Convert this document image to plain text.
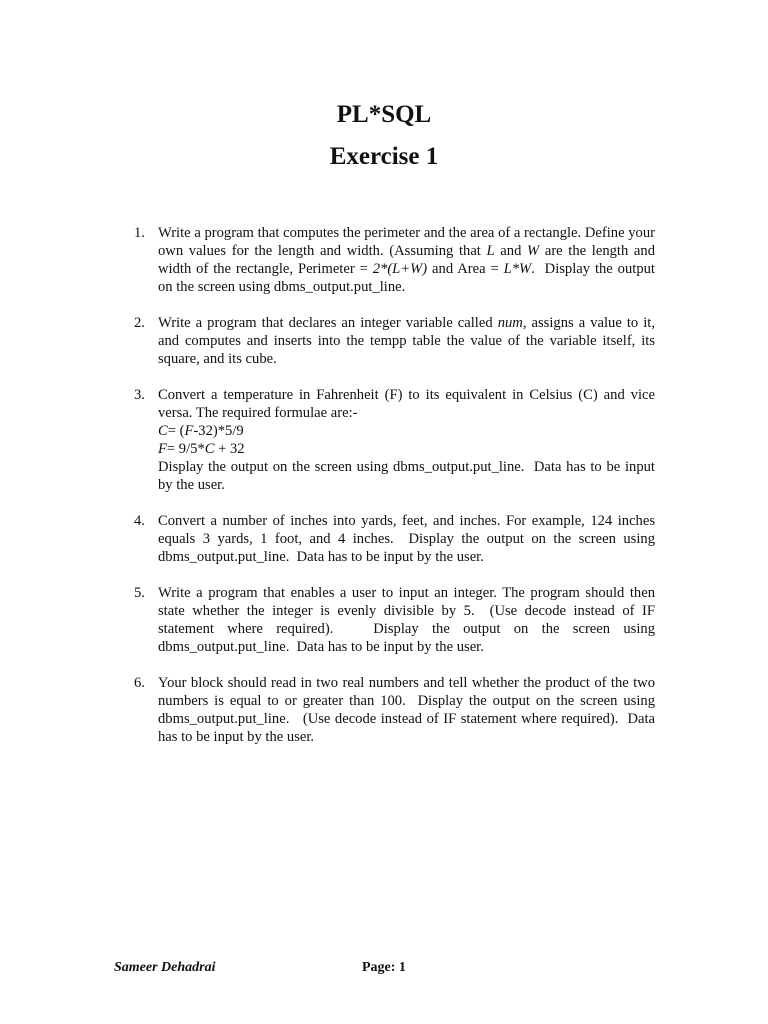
PL*SQL
Exercise 1
1. Write a program that computes the perimeter and the area of a rectangle. Define your own values for the length and width. (Assuming that L and W are the length and width of the rectangle, Perimeter = 2*(L+W) and Area = L*W.  Display the output on the screen using dbms_output.put_line.

2. Write a program that declares an integer variable called num, assigns a value to it, and computes and inserts into the tempp table the value of the variable itself, its square, and its cube.

3. Convert a temperature in Fahrenheit (F) to its equivalent in Celsius (C) and vice versa. The required formulae are:-
C= (F-32)*5/9
F= 9/5*C + 32
Display the output on the screen using dbms_output.put_line.  Data has to be input by the user.

4. Convert a number of inches into yards, feet, and inches. For example, 124 inches equals 3 yards, 1 foot, and 4 inches.  Display the output on the screen using dbms_output.put_line.  Data has to be input by the user.

5. Write a program that enables a user to input an integer. The program should then state whether the integer is evenly divisible by 5.  (Use decode instead of IF statement where required).   Display the output on the screen using dbms_output.put_line.  Data has to be input by the user.

6. Your block should read in two real numbers and tell whether the product of the two numbers is equal to or greater than 100.  Display the output on the screen using dbms_output.put_line.   (Use decode instead of IF statement where required).  Data has to be input by the user.

Sameer Dehadrai	Page: 1
